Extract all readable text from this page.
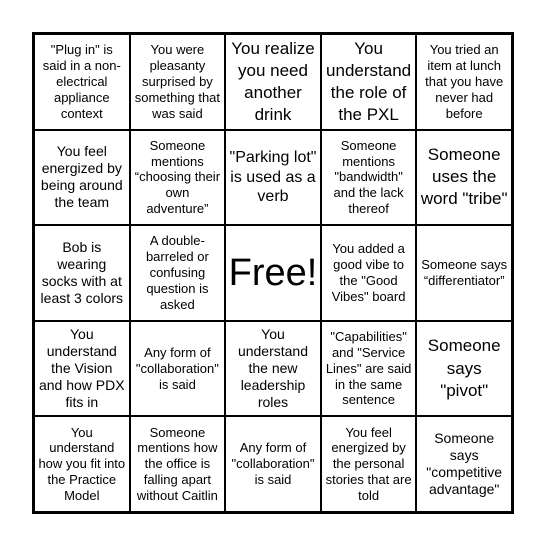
"Plug in" is said in a non-electrical appliance context
You were pleasanty surprised by something that was said
You realize you need another drink
You understand the role of the PXL
You tried an item at lunch that you have never had before
You feel energized by being around the team
Someone mentions “choosing their own adventure”
"Parking lot" is used as a verb
Someone mentions "bandwidth" and the lack thereof
Someone uses the word "tribe"
Bob is wearing socks with at least 3 colors
A double-barreled or confusing question is asked
Free!
You added a good vibe to the "Good Vibes" board
Someone says “differentiator”
You understand the Vision and how PDX fits in
Any form of "collaboration" is said
You understand the new leadership roles
"Capabilities" and "Service Lines" are said in the same sentence
Someone says "pivot"
You understand how you fit into the Practice Model
Someone mentions how the office is falling apart without Caitlin
Any form of "collaboration" is said
You feel energized by the personal stories that are told
Someone says "competitive advantage"
